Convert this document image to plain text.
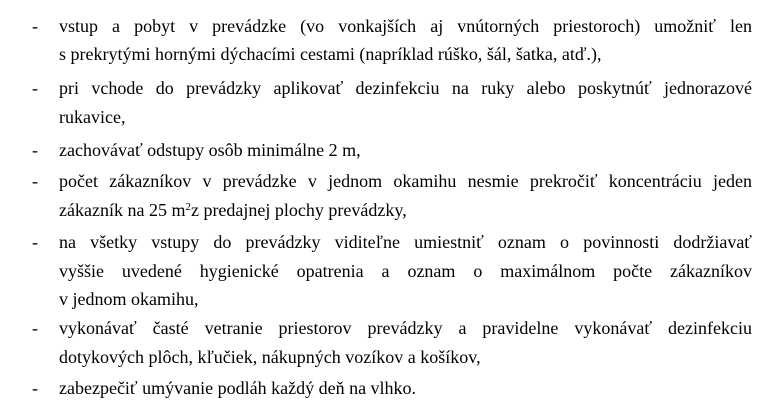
- vstup a pobyt v prevádzke (vo vonkajších aj vnútorných priestoroch) umožniť len
s prekrytými hornými dýchacími cestami (napríklad rúško, šál, šatka, atď.),
- pri vchode do prevádzky aplikovať dezinfekciu na ruky alebo poskytnúť jednorazové
rukavice,
- zachovávať odstupy osôb minimálne 2 m,
- počet zákazníkov v prevádzke v jednom okamihu nesmie prekročiť koncentráciu jeden
zákazník na 25 $m^2z$ predajnej plochy prevádzky,
- na všetky vstupy do prevádzky viditeľne umiestniť oznam o povinnosti dodržiavať
vyššie uvedené hygienické opatrenia a oznam o maximálnom počte zákazníkov
v jednom okamihu,
- vykonávať časté vetranie priestorov prevádzky a pravidelne vykonávať dezinfekciu
dotykových plôch, kľučiek, nákupných vozíkov a košíkov,
- zabezpečiť umývanie podláh každý deň na vlhko.
